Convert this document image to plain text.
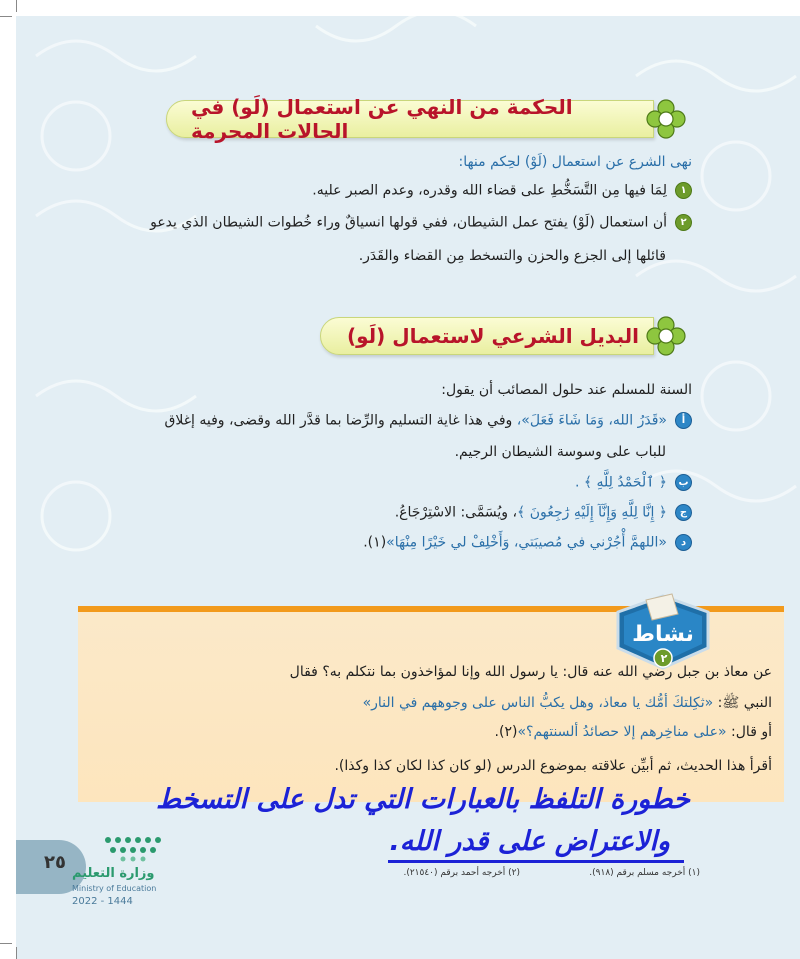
الحكمة من النهي عن استعمال (لَو) في الحالات المحرمة
نهى الشرع عن استعمال (لَوْ) لحِكم منها:
١لِمَا فيها مِن التَّسَخُّطِ على قضاء الله وقدره، وعدم الصبر عليه.
٢أن استعمال (لَوْ) يفتح عمل الشيطان، ففي قولها انسياقٌ وراء خُطوات الشيطان الذي يدعو
قائلها إلى الجزع والحزن والتسخط مِن القضاء والقَدَر.
البديل الشرعي لاستعمال (لَو)
السنة للمسلم عند حلول المصائب أن يقول:
أ«قَدَرُ الله، وَمَا شَاءَ فَعَلَ»، وفي هذا غاية التسليم والرِّضا بما قدَّر الله وقضى، وفيه إغلاق
للباب على وسوسة الشيطان الرجيم.
ب﴿ ٱلْحَمْدُ لِلَّهِ ﴾ .
ج﴿ إِنَّا لِلَّهِ وَإِنَّآ إِلَيْهِ رَٰجِعُونَ ﴾، ويُسَمَّى: الاسْتِرْجَاعُ.
د«اللهمَّ أْجُرْني في مُصيبَتي، وَأَخْلِفْ لي خَيْرًا مِنْهَا»(١).
نشاط
٢
عن معاذ بن جبل رضي الله عنه قال: يا رسول الله وإنا لمؤاخذون بما نتكلم به؟ فقال
النبي ﷺ: «ثكِلتكَ أمُّك يا معاذ، وهل يكبُّ الناس على وجوههم في النار»
أو قال: «على مناخِرهم إلا حصائدُ ألسنتهم؟»(٢).
أقرأ هذا الحديث، ثم أبيِّن علاقته بموضوع الدرس (لو كان كذا لكان كذا وكذا).
خطورة التلفظ بالعبارات التي تدل على التسخط
والاعتراض على قدر الله.
(١) أخرجه مسلم برقم (٩١٨).
(٢) أخرجه أحمد برقم (٢١٥٤٠).
٢٥
وزارة التعليم
Ministry of Education
2022 - 1444
